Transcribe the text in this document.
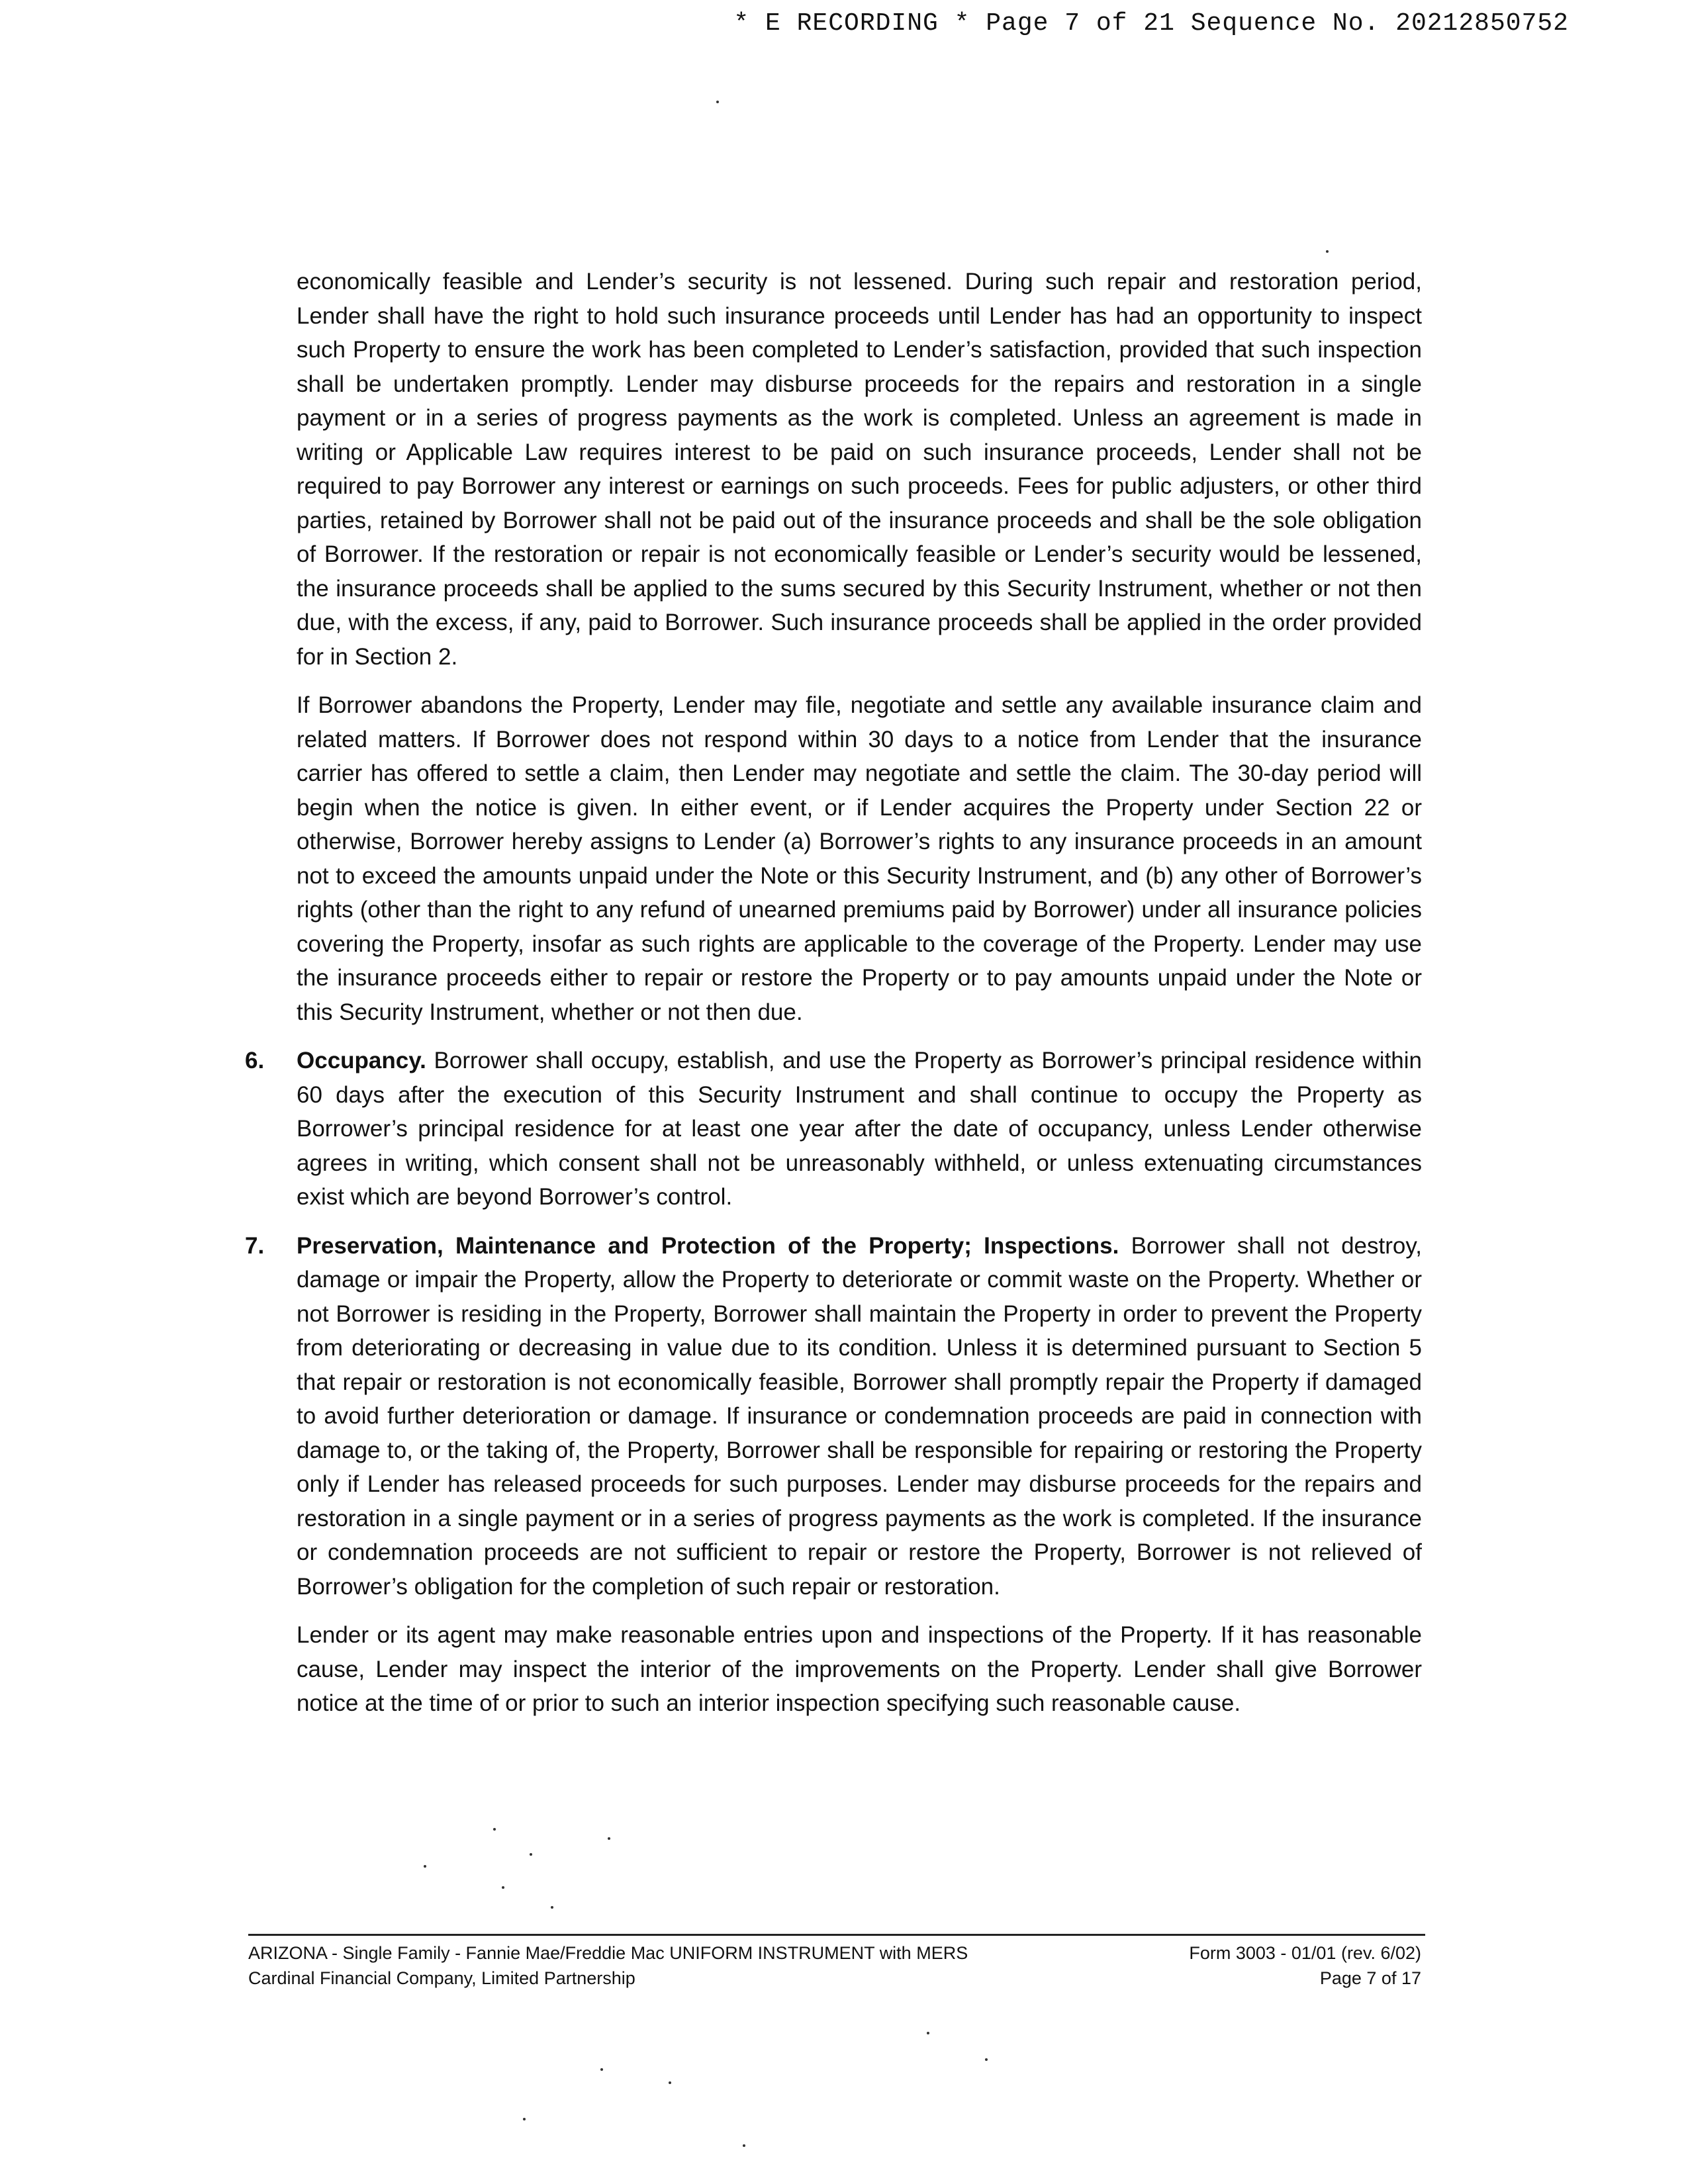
* E RECORDING * Page 7 of 21 Sequence No. 20212850752

economically feasible and Lender’s security is not lessened. During such repair and restoration period, Lender shall have the right to hold such insurance proceeds until Lender has had an opportunity to inspect such Property to ensure the work has been completed to Lender’s satisfaction, provided that such inspection shall be undertaken promptly. Lender may disburse proceeds for the repairs and restoration in a single payment or in a series of progress payments as the work is completed. Unless an agreement is made in writing or Applicable Law requires interest to be paid on such insurance proceeds, Lender shall not be required to pay Borrower any interest or earnings on such proceeds. Fees for public adjusters, or other third parties, retained by Borrower shall not be paid out of the insurance proceeds and shall be the sole obligation of Borrower. If the restoration or repair is not economically feasible or Lender’s security would be lessened, the insurance proceeds shall be applied to the sums secured by this Security Instrument, whether or not then due, with the excess, if any, paid to Borrower. Such insurance proceeds shall be applied in the order provided for in Section 2.

If Borrower abandons the Property, Lender may file, negotiate and settle any available insurance claim and related matters. If Borrower does not respond within 30 days to a notice from Lender that the insurance carrier has offered to settle a claim, then Lender may negotiate and settle the claim. The 30-day period will begin when the notice is given. In either event, or if Lender acquires the Property under Section 22 or otherwise, Borrower hereby assigns to Lender (a) Borrower’s rights to any insurance proceeds in an amount not to exceed the amounts unpaid under the Note or this Security Instrument, and (b) any other of Borrower’s rights (other than the right to any refund of unearned premiums paid by Borrower) under all insurance policies covering the Property, insofar as such rights are applicable to the coverage of the Property. Lender may use the insurance proceeds either to repair or restore the Property or to pay amounts unpaid under the Note or this Security Instrument, whether or not then due.

6. Occupancy. Borrower shall occupy, establish, and use the Property as Borrower’s principal residence within 60 days after the execution of this Security Instrument and shall continue to occupy the Property as Borrower’s principal residence for at least one year after the date of occupancy, unless Lender otherwise agrees in writing, which consent shall not be unreasonably withheld, or unless extenuating circumstances exist which are beyond Borrower’s control.
7. Preservation, Maintenance and Protection of the Property; Inspections. Borrower shall not destroy, damage or impair the Property, allow the Property to deteriorate or commit waste on the Property. Whether or not Borrower is residing in the Property, Borrower shall maintain the Property in order to prevent the Property from deteriorating or decreasing in value due to its condition. Unless it is determined pursuant to Section 5 that repair or restoration is not economically feasible, Borrower shall promptly repair the Property if damaged to avoid further deterioration or damage. If insurance or condemnation proceeds are paid in connection with damage to, or the taking of, the Property, Borrower shall be responsible for repairing or restoring the Property only if Lender has released proceeds for such purposes. Lender may disburse proceeds for the repairs and restoration in a single payment or in a series of progress payments as the work is completed. If the insurance or condemnation proceeds are not sufficient to repair or restore the Property, Borrower is not relieved of Borrower’s obligation for the completion of such repair or restoration.

Lender or its agent may make reasonable entries upon and inspections of the Property. If it has reasonable cause, Lender may inspect the interior of the improvements on the Property. Lender shall give Borrower notice at the time of or prior to such an interior inspection specifying such reasonable cause.

ARIZONA - Single Family - Fannie Mae/Freddie Mac UNIFORM INSTRUMENT with MERS	Form 3003 - 01/01 (rev. 6/02)
Cardinal Financial Company, Limited Partnership	Page 7 of 17
